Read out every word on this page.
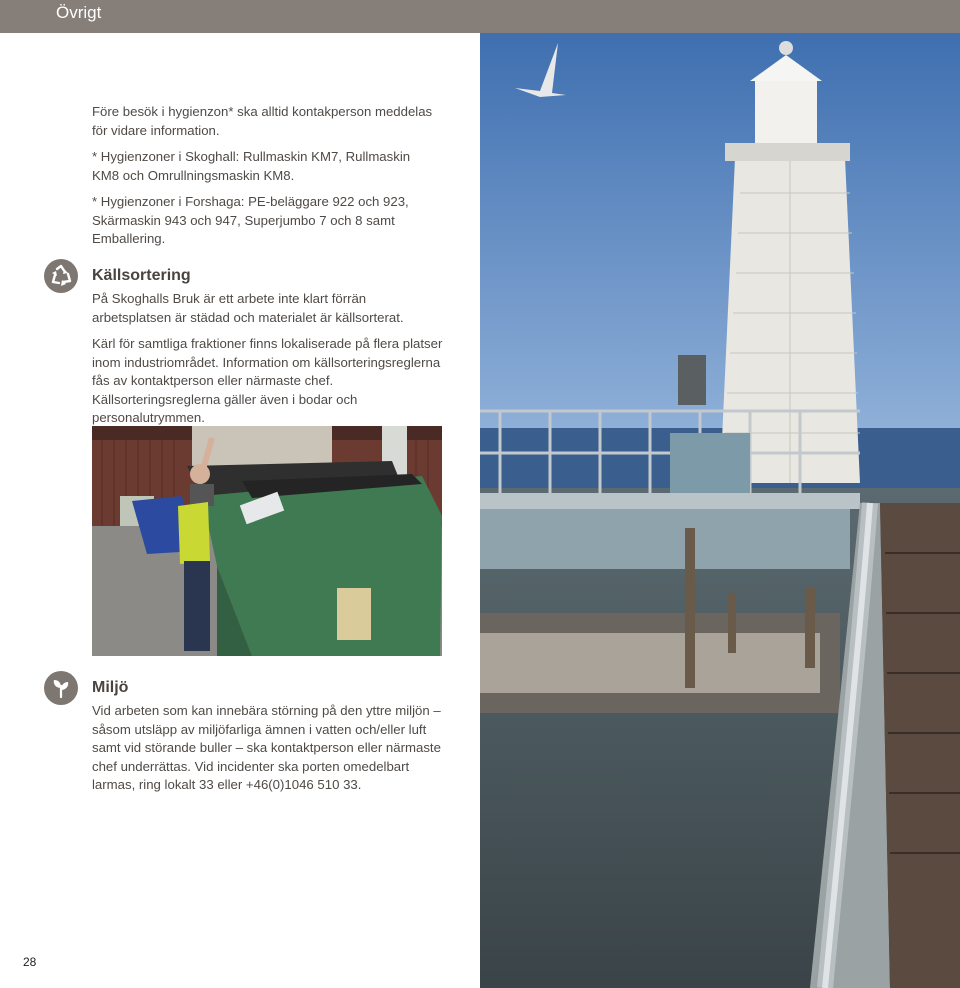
Övrigt

Före besök i hygienzon* ska alltid kontakperson meddelas för vidare information.

* Hygienzoner i Skoghall: Rullmaskin KM7, Rullmaskin KM8 och Omrullningsmaskin KM8.

* Hygienzoner i Forshaga: PE-beläggare 922 och 923, Skärmaskin 943 och 947, Superjumbo 7 och 8 samt Emballering.

Källsortering

På Skoghalls Bruk är ett arbete inte klart förrän arbetsplatsen är städad och materialet är källsorterat.

Kärl för samtliga fraktioner finns lokaliserade på flera platser inom industriområdet. Information om källsorteringsreglerna fås av kontaktperson eller närmaste chef. Källsorteringsreglerna gäller även i bodar och personalutrymmen.

Miljö

Vid arbeten som kan innebära störning på den yttre miljön – såsom utsläpp av miljöfarliga ämnen i vatten och/eller luft samt vid störande buller – ska kontaktperson eller närmaste chef underrättas. Vid incidenter ska porten omedelbart larmas, ring lokalt 33 eller +46(0)1046 510 33.

28
